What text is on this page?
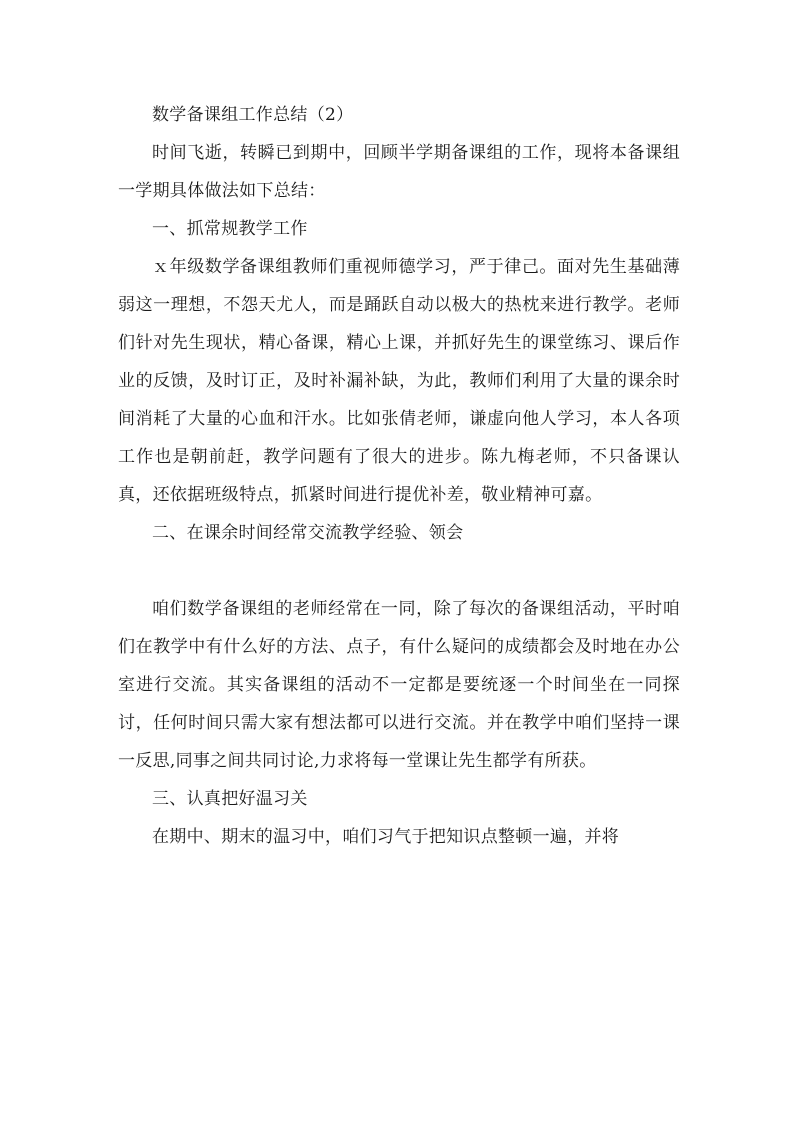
数学备课组工作总结（2）

时间飞逝，转瞬已到期中，回顾半学期备课组的工作，现将本备课组一学期具体做法如下总结：

一、抓常规教学工作

ｘ年级数学备课组教师们重视师德学习，严于律己。面对先生基础薄弱这一理想，不怨天尤人，而是踊跃自动以极大的热枕来进行教学。老师们针对先生现状，精心备课，精心上课，并抓好先生的课堂练习、课后作业的反馈，及时订正，及时补漏补缺，为此，教师们利用了大量的课余时间消耗了大量的心血和汗水。比如张倩老师，谦虚向他人学习，本人各项工作也是朝前赶，教学问题有了很大的进步。陈九梅老师，不只备课认真，还依据班级特点，抓紧时间进行提优补差，敬业精神可嘉。

二、在课余时间经常交流教学经验、领会

咱们数学备课组的老师经常在一同，除了每次的备课组活动，平时咱们在教学中有什么好的方法、点子，有什么疑问的成绩都会及时地在办公室进行交流。其实备课组的活动不一定都是要统逐一个时间坐在一同探讨，任何时间只需大家有想法都可以进行交流。并在教学中咱们坚持一课一反思,同事之间共同讨论,力求将每一堂课让先生都学有所获。

三、认真把好温习关

在期中、期末的温习中，咱们习气于把知识点整顿一遍，并将
